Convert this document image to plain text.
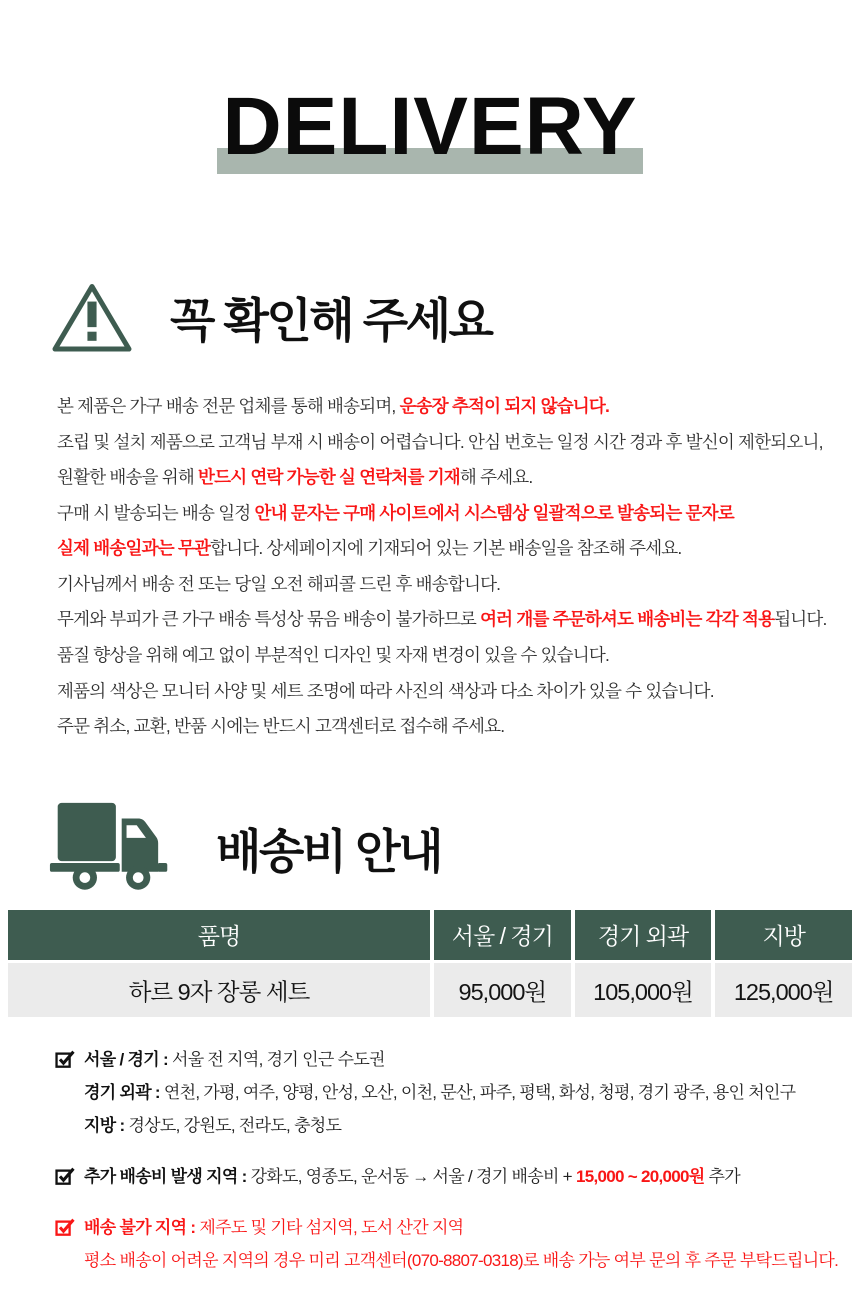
DELIVERY
꼭 확인해 주세요

본 제품은 가구 배송 전문 업체를 통해 배송되며, 운송장 추적이 되지 않습니다.

조립 및 설치 제품으로 고객님 부재 시 배송이 어렵습니다. 안심 번호는 일정 시간 경과 후 발신이 제한되오니,

원활한 배송을 위해 반드시 연락 가능한 실 연락처를 기재해 주세요.

구매 시 발송되는 배송 일정 안내 문자는 구매 사이트에서 시스템상 일괄적으로 발송되는 문자로

실제 배송일과는 무관합니다. 상세페이지에 기재되어 있는 기본 배송일을 참조해 주세요.

기사님께서 배송 전 또는 당일 오전 해피콜 드린 후 배송합니다.

무게와 부피가 큰 가구 배송 특성상 묶음 배송이 불가하므로 여러 개를 주문하셔도 배송비는 각각 적용됩니다.

품질 향상을 위해 예고 없이 부분적인 디자인 및 자재 변경이 있을 수 있습니다.

제품의 색상은 모니터 사양 및 세트 조명에 따라 사진의 색상과 다소 차이가 있을 수 있습니다.

주문 취소, 교환, 반품 시에는 반드시 고객센터로 접수해 주세요.

배송비 안내
품명	서울 / 경기	경기 외곽	지방
하르 9자 장롱 세트	95,000원	105,000원	125,000원
서울 / 경기 : 서울 전 지역, 경기 인근 수도권
경기 외곽 : 연천, 가평, 여주, 양평, 안성, 오산, 이천, 문산, 파주, 평택, 화성, 청평, 경기 광주, 용인 처인구
지방 : 경상도, 강원도, 전라도, 충청도
추가 배송비 발생 지역 : 강화도, 영종도, 운서동 → 서울 / 경기 배송비 + 15,000 ~ 20,000원 추가
배송 불가 지역 : 제주도 및 기타 섬지역, 도서 산간 지역
평소 배송이 어려운 지역의 경우 미리 고객센터(070-8807-0318)로 배송 가능 여부 문의 후 주문 부탁드립니다.
